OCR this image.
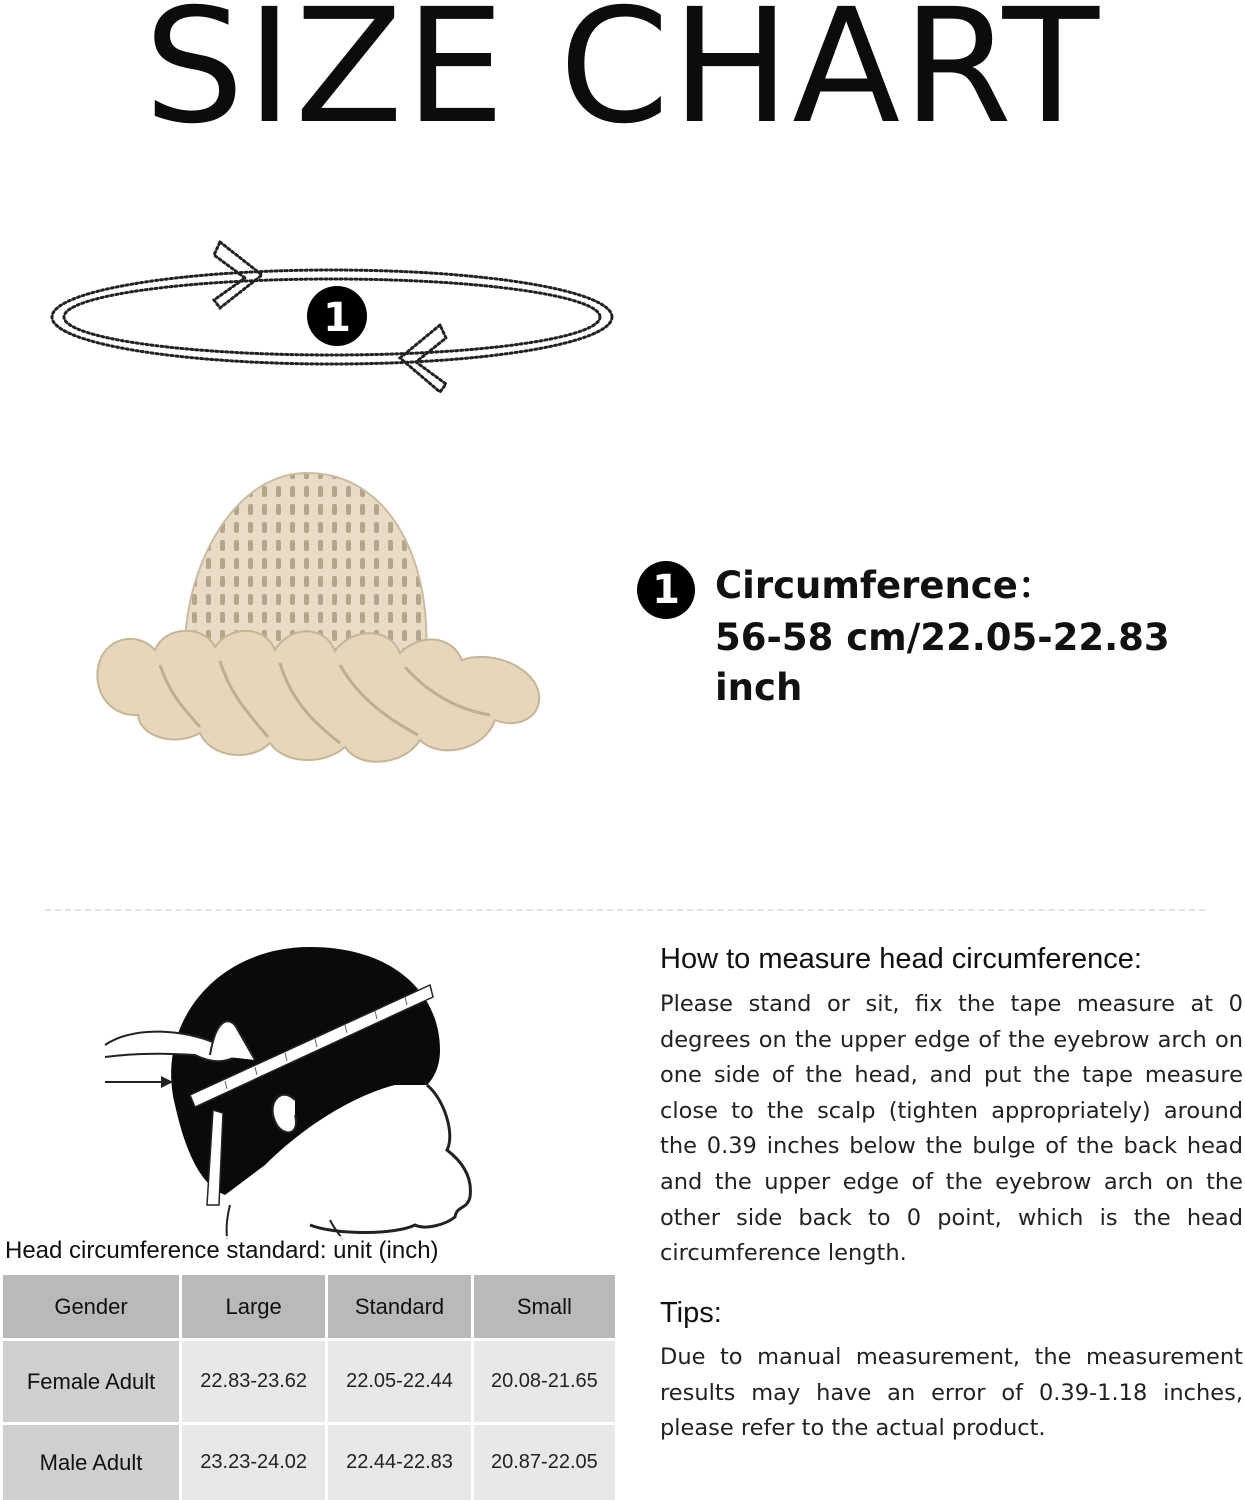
SIZE CHART
1
1 Circumference：
56-58 cm/22.05-22.83 inch
Head circumference standard: unit (inch)
Gender	Large	Standard	Small
Female Adult	22.83-23.62	22.05-22.44	20.08-21.65
Male Adult	23.23-24.02	22.44-22.83	20.87-22.05
How to measure head circumference:
Please stand or sit, fix the tape measure at 0 degrees on the upper edge of the eyebrow arch on one side of the head, and put the tape measure close to the scalp (tighten appropriately) around the 0.39 inches below the bulge of the back head and the upper edge of the eyebrow arch on the other side back to 0 point, which is the head circumference length.
Tips:
Due to manual measurement, the measurement results may have an error of 0.39-1.18 inches, please refer to the actual product.
